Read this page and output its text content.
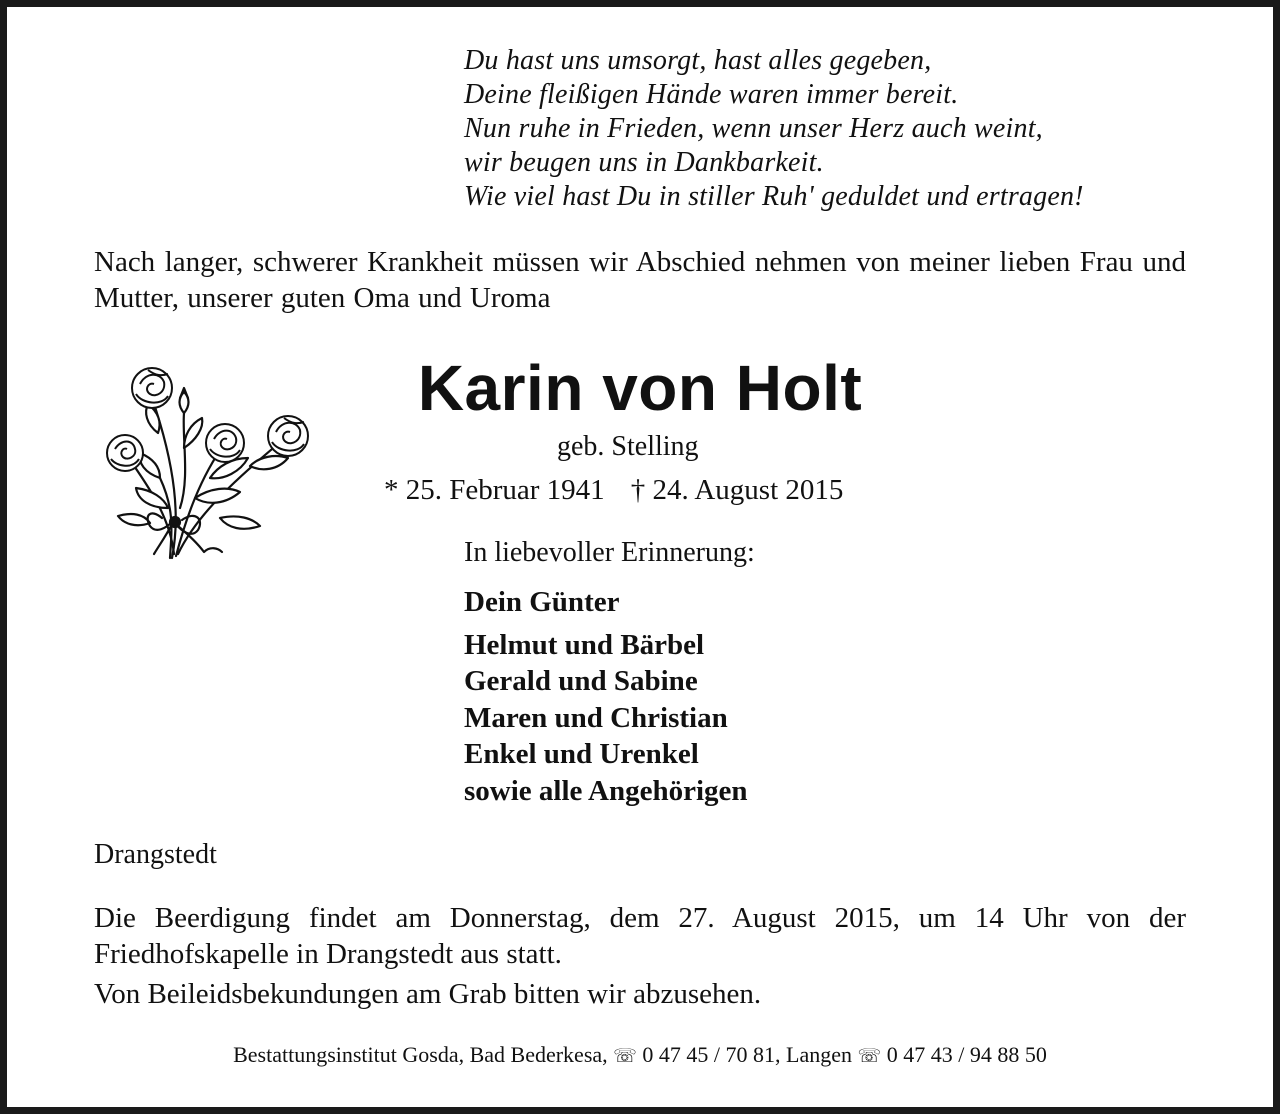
Du hast uns umsorgt, hast alles gegeben,
Deine fleißigen Hände waren immer bereit.
Nun ruhe in Frieden, wenn unser Herz auch weint,
wir beugen uns in Dankbarkeit.
Wie viel hast Du in stiller Ruh' geduldet und ertragen!
Nach langer, schwerer Krankheit müssen wir Abschied nehmen von meiner lieben Frau und Mutter, unserer guten Oma und Uroma
Karin von Holt
geb. Stelling
* 25. Februar 1941 † 24. August 2015
In liebevoller Erinnerung:
Dein Günter
Helmut und Bärbel
Gerald und Sabine
Maren und Christian
Enkel und Urenkel
sowie alle Angehörigen
Drangstedt
Die Beerdigung findet am Donnerstag, dem 27. August 2015, um 14 Uhr von der Friedhofskapelle in Drangstedt aus statt.
Von Beileidsbekundungen am Grab bitten wir abzusehen.
Bestattungsinstitut Gosda, Bad Bederkesa, ☏ 0 47 45 / 70 81, Langen ☏ 0 47 43 / 94 88 50
